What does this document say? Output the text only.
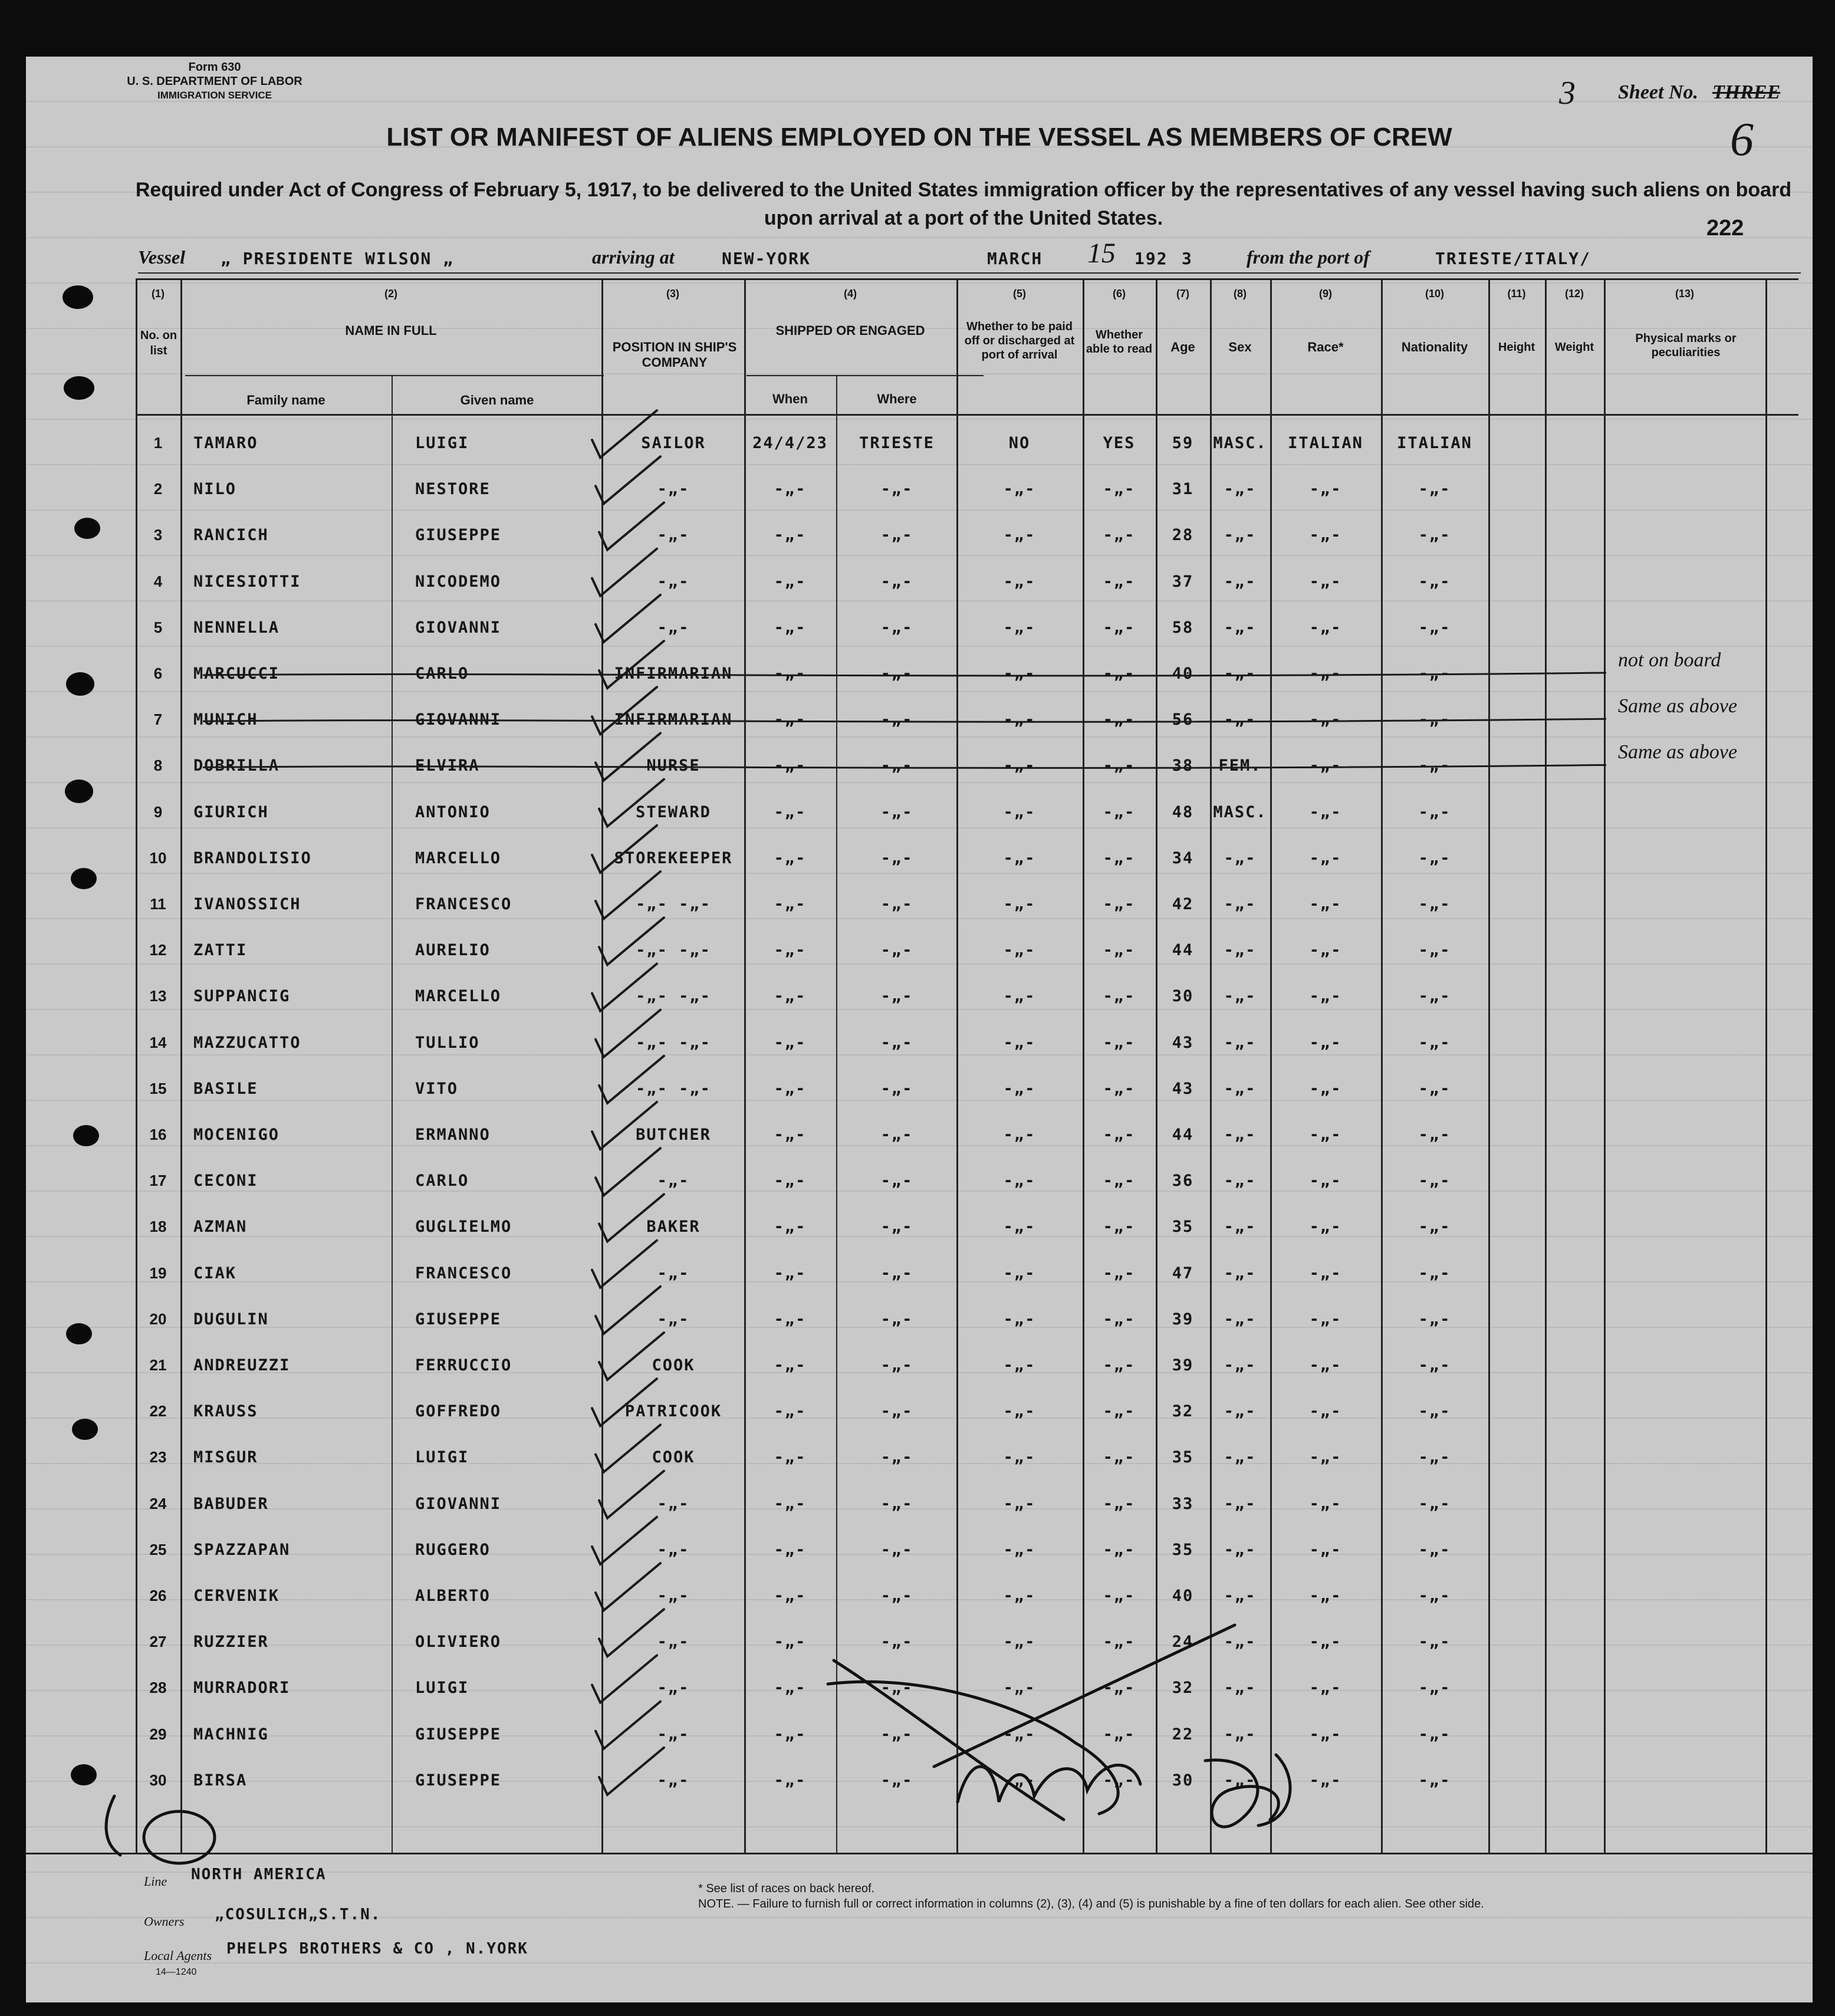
Form 630
U. S. DEPARTMENT OF LABOR
IMMIGRATION SERVICE	3 Sheet No. THREE
6
LIST OR MANIFEST OF ALIENS EMPLOYED ON THE VESSEL AS MEMBERS OF CREW
Required under Act of Congress of February 5, 1917, to be delivered to the United States immigration officer by the representatives of any vessel having such aliens on board upon arrival at a port of the United States.	222
Vessel „ PRESIDENTE WILSON „	arriving at	NEW-YORK	MARCH 15 192 3	from the port of	TRIESTE/ITALY/
(1)
No. on list
(2)
NAME IN FULL
Family name	Given name
(3)
POSITION IN SHIP'S COMPANY
(4)
SHIPPED OR ENGAGED
When	Where
(5)
Whether to be paid off or discharged at port of arrival
(6)
Whether able to read
(7)
Age
(8)
Sex
(9)
Race*
(10)
Nationality
(11)
Height
(12)
Weight
(13)
Physical marks or peculiarities
1	TAMARO	LUIGI	SAILOR	24/4/23	TRIESTE	NO	YES	59	MASC.	ITALIAN	ITALIAN
2	NILO	NESTORE	-„-	-„-	-„-	-„-	-„-	31	-„-	-„-	-„-
3	RANCICH	GIUSEPPE	-„-	-„-	-„-	-„-	-„-	28	-„-	-„-	-„-
4	NICESIOTTI	NICODEMO	-„-	-„-	-„-	-„-	-„-	37	-„-	-„-	-„-
5	NENNELLA	GIOVANNI	-„-	-„-	-„-	-„-	-„-	58	-„-	-„-	-„-
6	MARCUCCI	CARLO	INFIRMARIAN	-„-	-„-	-„-	-„-	40	-„-	-„-	-„-
not on board
7	MUNICH	GIOVANNI	INFIRMARIAN	-„-	-„-	-„-	-„-	56	-„-	-„-	-„-
Same as above
8	DOBRILLA	ELVIRA	NURSE	-„-	-„-	-„-	-„-	38	FEM.	-„-	-„-
Same as above
9	GIURICH	ANTONIO	STEWARD	-„-	-„-	-„-	-„-	48	MASC.	-„-	-„-
10	BRANDOLISIO	MARCELLO	STOREKEEPER	-„-	-„-	-„-	-„-	34	-„-	-„-	-„-
11	IVANOSSICH	FRANCESCO	-„- -„-	-„-	-„-	-„-	-„-	42	-„-	-„-	-„-
12	ZATTI	AURELIO	-„- -„-	-„-	-„-	-„-	-„-	44	-„-	-„-	-„-
13	SUPPANCIG	MARCELLO	-„- -„-	-„-	-„-	-„-	-„-	30	-„-	-„-	-„-
14	MAZZUCATTO	TULLIO	-„- -„-	-„-	-„-	-„-	-„-	43	-„-	-„-	-„-
15	BASILE	VITO	-„- -„-	-„-	-„-	-„-	-„-	43	-„-	-„-	-„-
16	MOCENIGO	ERMANNO	BUTCHER	-„-	-„-	-„-	-„-	44	-„-	-„-	-„-
17	CECONI	CARLO	-„-	-„-	-„-	-„-	-„-	36	-„-	-„-	-„-
18	AZMAN	GUGLIELMO	BAKER	-„-	-„-	-„-	-„-	35	-„-	-„-	-„-
19	CIAK	FRANCESCO	-„-	-„-	-„-	-„-	-„-	47	-„-	-„-	-„-
20	DUGULIN	GIUSEPPE	-„-	-„-	-„-	-„-	-„-	39	-„-	-„-	-„-
21	ANDREUZZI	FERRUCCIO	COOK	-„-	-„-	-„-	-„-	39	-„-	-„-	-„-
22	KRAUSS	GOFFREDO	PATRICOOK	-„-	-„-	-„-	-„-	32	-„-	-„-	-„-
23	MISGUR	LUIGI	COOK	-„-	-„-	-„-	-„-	35	-„-	-„-	-„-
24	BABUDER	GIOVANNI	-„-	-„-	-„-	-„-	-„-	33	-„-	-„-	-„-
25	SPAZZAPAN	RUGGERO	-„-	-„-	-„-	-„-	-„-	35	-„-	-„-	-„-
26	CERVENIK	ALBERTO	-„-	-„-	-„-	-„-	-„-	40	-„-	-„-	-„-
27	RUZZIER	OLIVIERO	-„-	-„-	-„-	-„-	-„-	24	-„-	-„-	-„-
28	MURRADORI	LUIGI	-„-	-„-	-„-	-„-	-„-	32	-„-	-„-	-„-
29	MACHNIG	GIUSEPPE	-„-	-„-	-„-	-„-	-„-	22	-„-	-„-	-„-
30	BIRSA	GIUSEPPE	-„-	-„-	-„-	-„-	-„-	30	-„-	-„-	-„-
Line NORTH AMERICA
Owners „COSULICH„S.T.N.
Local Agents PHELPS BROTHERS & CO , N.YORK
14—1240
* See list of races on back hereof.
NOTE. — Failure to furnish full or correct information in columns (2), (3), (4) and (5) is punishable by a fine of ten dollars for each alien. See other side.
